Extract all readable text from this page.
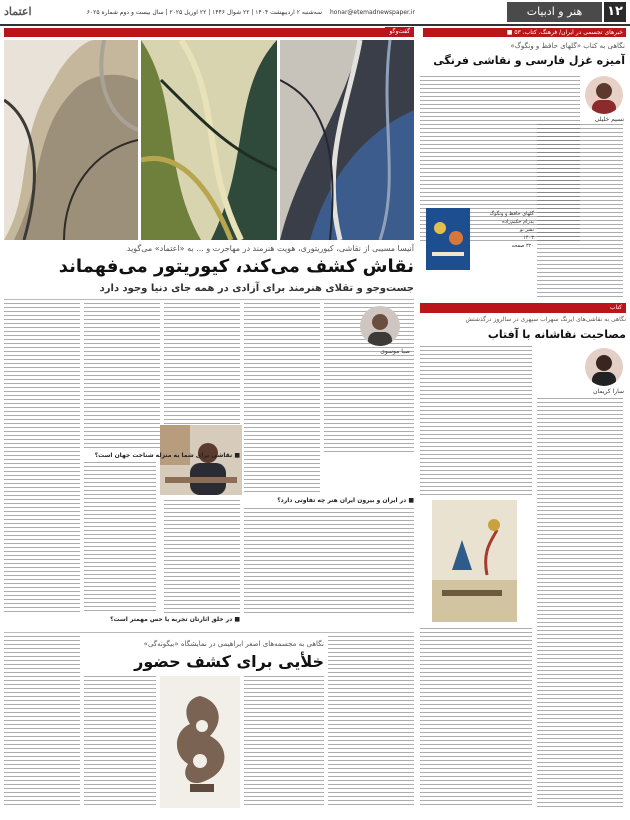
۱۲
هنر و ادبیات
honar@etemadnewspaper.ir
سه‌شنبه ۲ اردیبهشت ۱۴۰۴ | ۲۲ شوال ۱۴۴۶ | ۲۲ آوریل ۲۰۲۵ | سال بیست و دوم شماره ۶۰۲۵
اعتماد
خبرهای تجسمی در ایران/ فرهنگ، کتاب، ۵۳ ■
گفت‌وگو
آنیسا مسیبی از نقاشی، کیوریتوری، هویت هنرمند در مهاجرت و ... به «اعتماد» می‌گوید
نقاش کشف می‌کند، کیوریتور می‌فهماند
جست‌وجو و تقلای هنرمند برای آزادی در همه جای دنیا وجود دارد
صبا موسوی
■ در ایران و بیرون ایران هنر چه تفاوتی دارد؟
■ نقاشی برای شما به منزله شناخت جهان است؟
■ در خلق آثارتان تجربه یا حس مهمتر است؟
نگاهی به کتاب «گلهای حافظ و ونگوگ»
آمیزه غزل فارسی و نقاشی فرنگی
نسیم خلیلی
گلهای حافظ و ونگوگ
پدرام حکیم‌زاده
نشر نو
۱۴۰۳
۳۲۰ صفحه
کتاب
نگاهی به نقاشی‌های ایرنگ سهراب سپهری در سالروز درگذشتش
مصاحبت نقاشانه با آفتاب
سارا کریمان
نگاهی به مجسمه‌های اصغر ابراهیمی در نمایشگاه «بیگونه‌گی»
خلأیی برای کشف حضور
